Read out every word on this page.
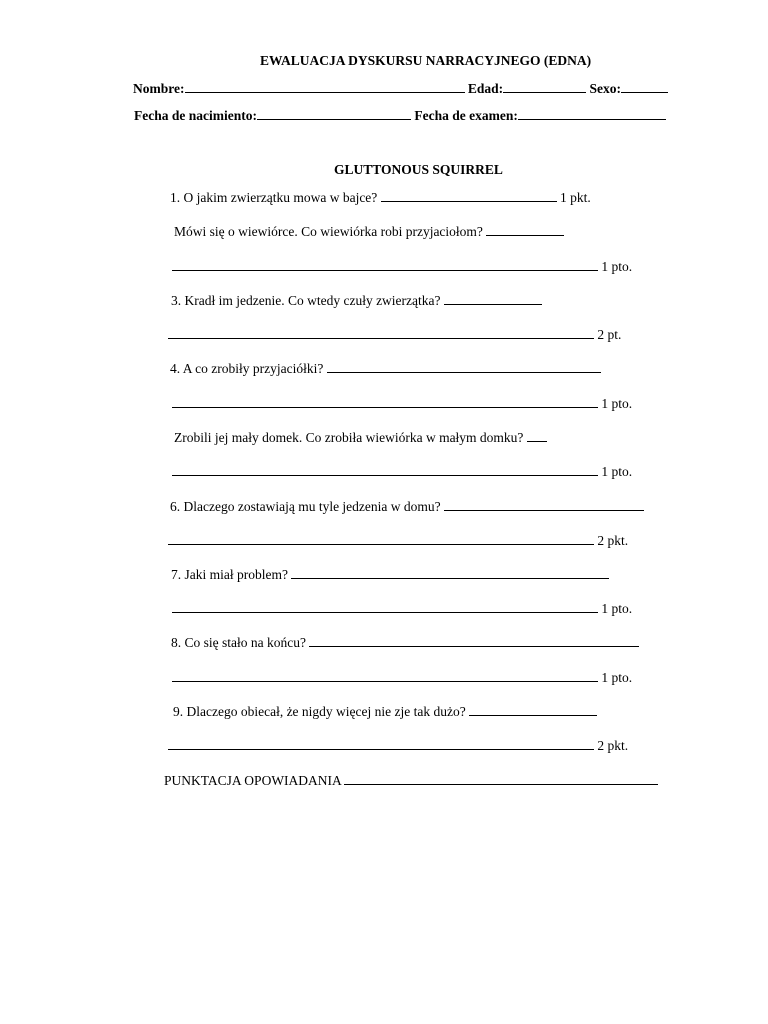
EWALUACJA DYSKURSU NARRACYJNEGO (EDNA)
Nombre:	Edad:	Sexo:
Fecha de nacimiento:	Fecha de examen:
GLUTTONOUS SQUIRREL
1. O jakim zwierzątku mowa w bajce?	1 pkt.
Mówi się o wiewiórce. Co wiewiórka robi przyjaciołom?
1 pto.
3. Kradł im jedzenie. Co wtedy czuły zwierzątka?
2 pt.
4. A co zrobiły przyjaciółki?
1 pto.
Zrobili jej mały domek. Co zrobiła wiewiórka w małym domku?
1 pto.
6. Dlaczego zostawiają mu tyle jedzenia w domu?
2 pkt.
7. Jaki miał problem?
1 pto.
8. Co się stało na końcu?
1 pto.
9. Dlaczego obiecał, że nigdy więcej nie zje tak dużo?
2 pkt.
PUNKTACJA OPOWIADANIA
